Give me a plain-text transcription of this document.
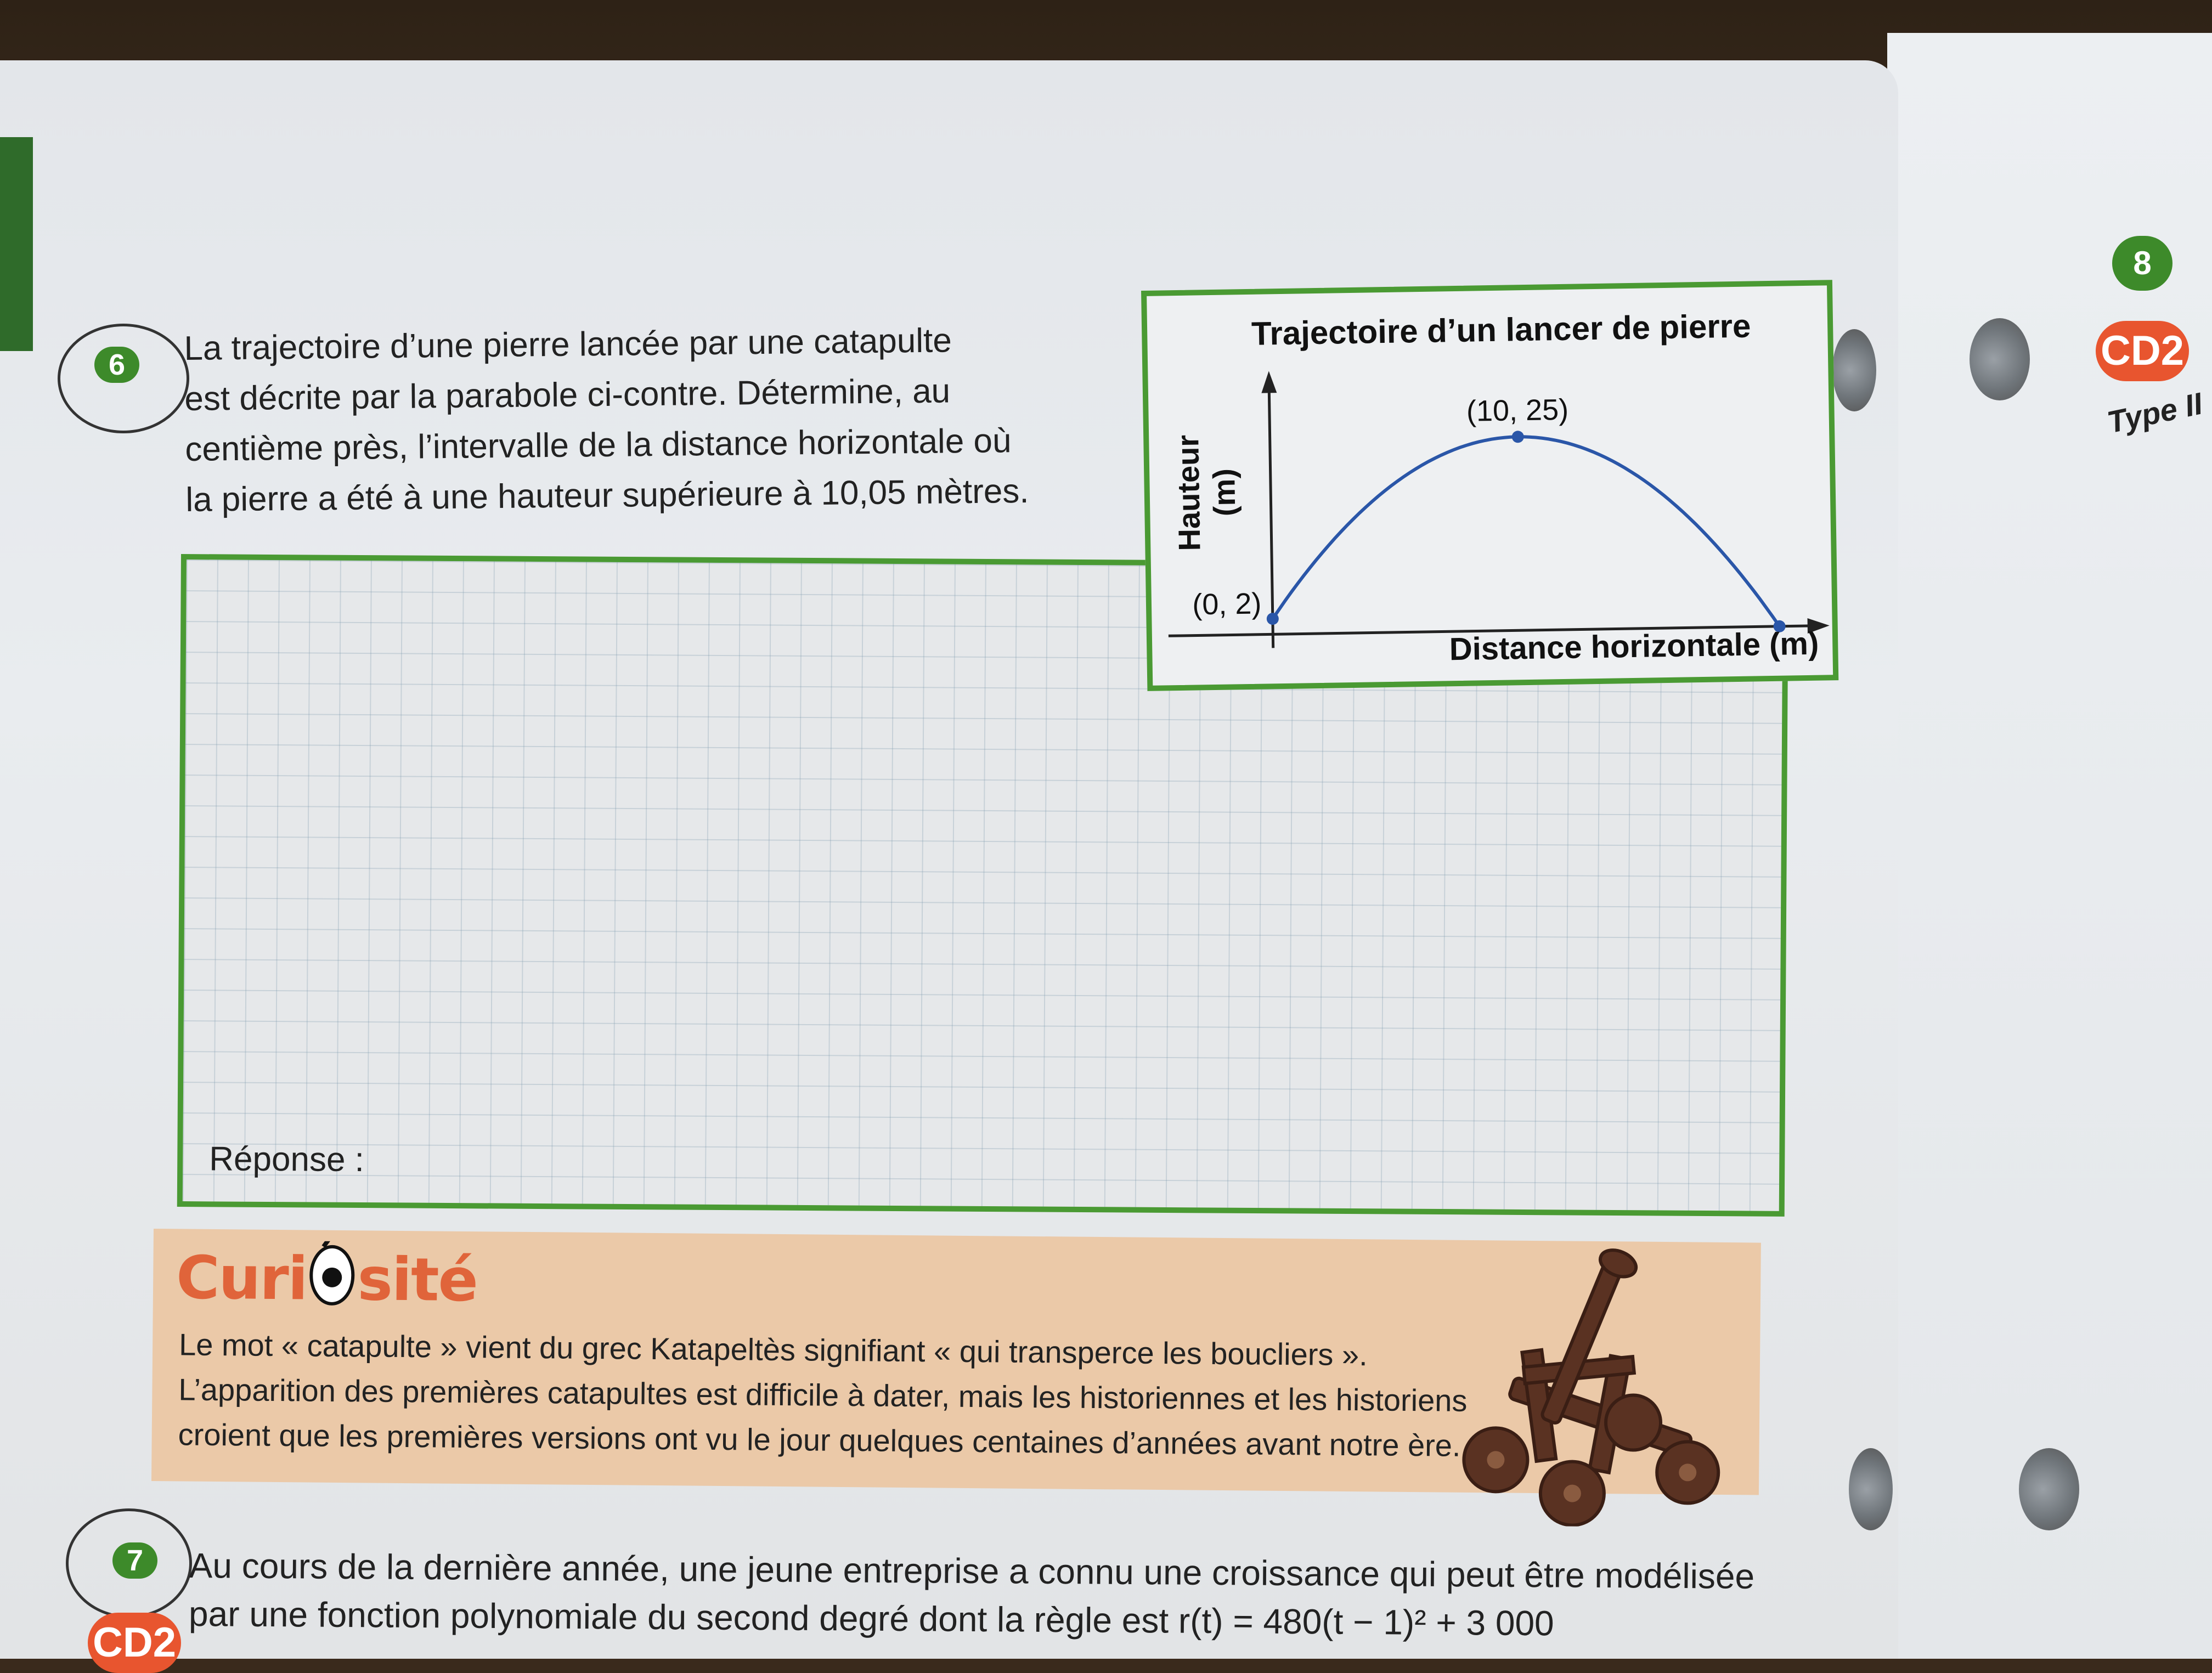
8
CD2
Type II
6	La trajectoire d’une pierre lancée par une catapulte
est décrite par la parabole ci-contre. Détermine, au
centième près, l’intervalle de la distance horizontale où
la pierre a été à une hauteur supérieure à 10,05 mètres.
Réponse :
Trajectoire d’un lancer de pierre
Hauteur (m)
(0, 2)
(10, 25)
Distance horizontale (m)
Curi sité
Le mot « catapulte » vient du grec Katapeltès signifiant « qui transperce les boucliers ».
L’apparition des premières catapultes est difficile à dater, mais les historiennes et les historiens
croient que les premières versions ont vu le jour quelques centaines d’années avant notre ère.
7
CD2
Au cours de la dernière année, une jeune entreprise a connu une croissance qui peut être modélisée
par une fonction polynomiale du second degré dont la règle est r(t) = 480(t − 1)² + 3 000
